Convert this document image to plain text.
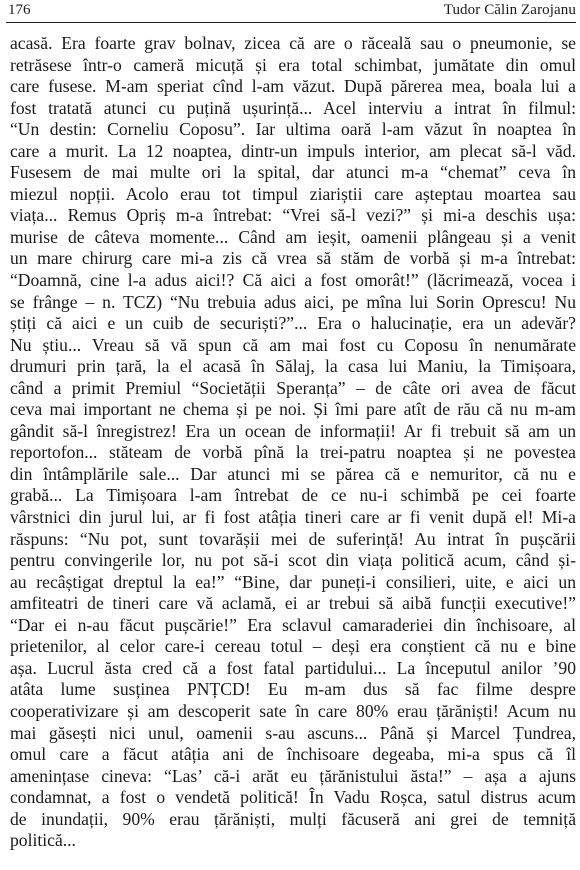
176	Tudor Călin Zarojanu
acasă. Era foarte grav bolnav, zicea că are o răceală sau o pneumonie, se
retrăsese într-o cameră micuță și era total schimbat, jumătate din omul
care fusese. M-am speriat cînd l-am văzut. După părerea mea, boala lui a
fost tratată atunci cu puțină ușurință... Acel interviu a intrat în filmul:
“Un destin: Corneliu Coposu”. Iar ultima oară l-am văzut în noaptea în
care a murit. La 12 noaptea, dintr-un impuls interior, am plecat să-l văd.
Fusesem de mai multe ori la spital, dar atunci m-a “chemat” ceva în
miezul nopții. Acolo erau tot timpul ziariștii care așteptau moartea sau
viața... Remus Opriș m-a întrebat: “Vrei să-l vezi?” și mi-a deschis ușa:
murise de câteva momente... Când am ieșit, oamenii plângeau și a venit
un mare chirurg care mi-a zis că vrea să stăm de vorbă și m-a întrebat:
“Doamnă, cine l-a adus aici!? Că aici a fost omorât!” (lăcrimează, vocea i
se frânge – n. TCZ) “Nu trebuia adus aici, pe mîna lui Sorin Oprescu! Nu
știți că aici e un cuib de securiști?”... Era o halucinație, era un adevăr?
Nu știu... Vreau să vă spun că am mai fost cu Coposu în nenumărate
drumuri prin țară, la el acasă în Sălaj, la casa lui Maniu, la Timișoara,
când a primit Premiul “Societății Speranța” – de câte ori avea de făcut
ceva mai important ne chema și pe noi. Și îmi pare atît de rău că nu m-am
gândit să-l înregistrez! Era un ocean de informații! Ar fi trebuit să am un
reportofon... stăteam de vorbă pînă la trei-patru noaptea și ne povestea
din întâmplările sale... Dar atunci mi se părea că e nemuritor, că nu e
grabă... La Timișoara l-am întrebat de ce nu-i schimbă pe cei foarte
vârstnici din jurul lui, ar fi fost atâția tineri care ar fi venit după el! Mi-a
răspuns: “Nu pot, sunt tovarășii mei de suferință! Au intrat în pușcării
pentru convingerile lor, nu pot să-i scot din viața politică acum, când și-
au recâștigat dreptul la ea!” “Bine, dar puneți-i consilieri, uite, e aici un
amfiteatri de tineri care vă aclamă, ei ar trebui să aibă funcții executive!”
“Dar ei n-au făcut pușcărie!” Era sclavul camaraderiei din închisoare, al
prietenilor, al celor care-i cereau totul – deși era conștient că nu e bine
așa. Lucrul ăsta cred că a fost fatal partidului... La începutul anilor ’90
atâta lume susținea PNȚCD! Eu m-am dus să fac filme despre
cooperativizare și am descoperit sate în care 80% erau țărăniști! Acum nu
mai găsești nici unul, oamenii s-au ascuns... Până și Marcel Țundrea,
omul care a făcut atâția ani de închisoare degeaba, mi-a spus că îl
amenințase cineva: “Las’ că-i arăt eu țărănistului ăsta!” – așa a ajuns
condamnat, a fost o vendetă politică! În Vadu Roșca, satul distrus acum
de inundații, 90% erau țărăniști, mulți făcuseră ani grei de temniță
politică...
